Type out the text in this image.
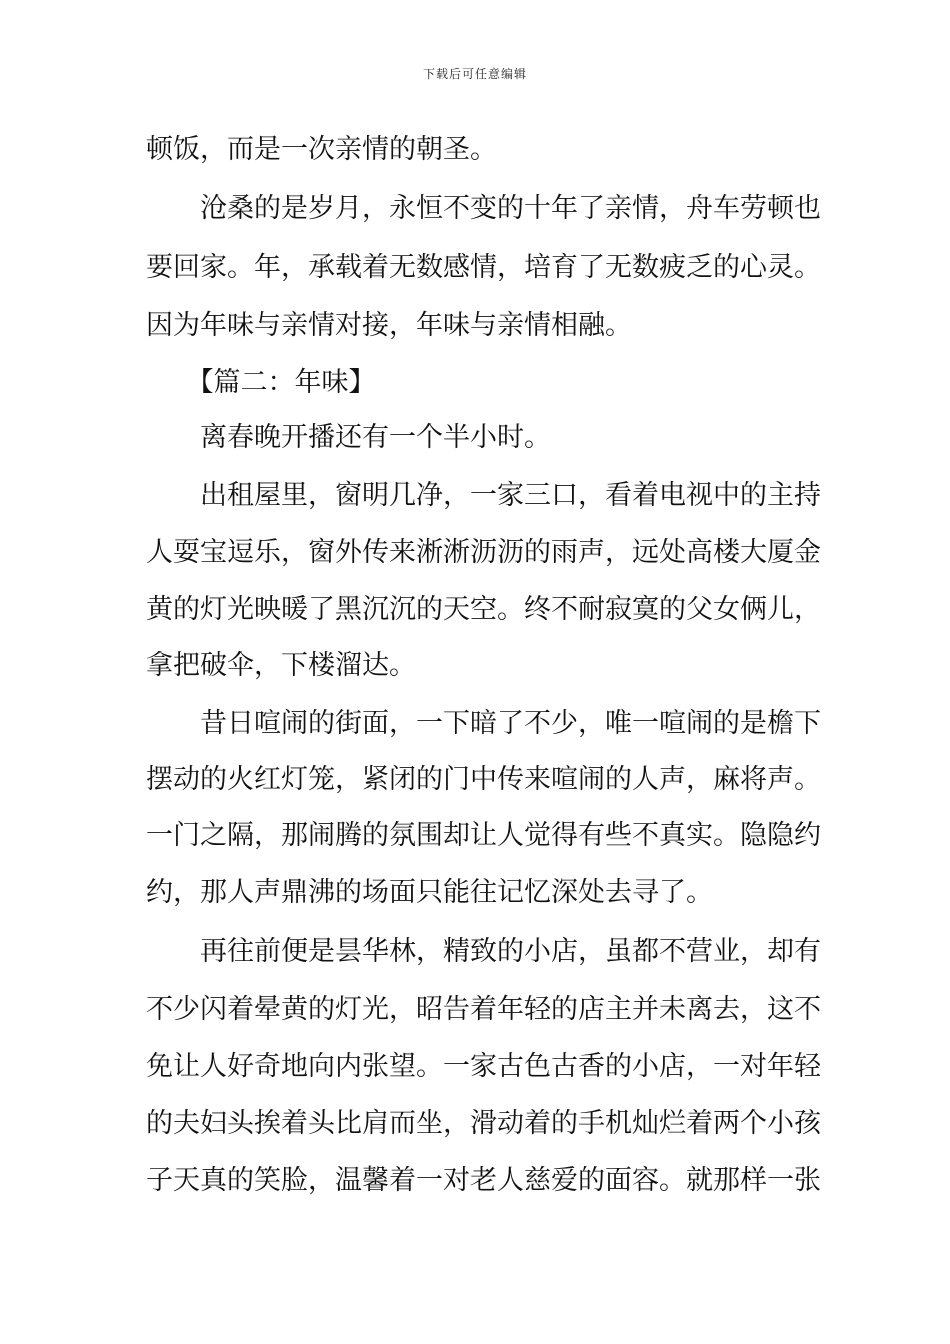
下载后可任意编辑
顿饭，而是一次亲情的朝圣。
　　沧桑的是岁月，永恒不变的十年了亲情，舟车劳顿也
要回家。年，承载着无数感情，培育了无数疲乏的心灵。
因为年味与亲情对接，年味与亲情相融。
　　【篇二：年味】
　　离春晚开播还有一个半小时。
　　出租屋里，窗明几净，一家三口，看着电视中的主持
人耍宝逗乐，窗外传来淅淅沥沥的雨声，远处高楼大厦金
黄的灯光映暖了黑沉沉的天空。终不耐寂寞的父女俩儿，
拿把破伞，下楼溜达。
　　昔日喧闹的街面，一下暗了不少，唯一喧闹的是檐下
摆动的火红灯笼，紧闭的门中传来喧闹的人声，麻将声。
一门之隔，那闹腾的氛围却让人觉得有些不真实。隐隐约
约，那人声鼎沸的场面只能往记忆深处去寻了。
　　再往前便是昙华林，精致的小店，虽都不营业，却有
不少闪着晕黄的灯光，昭告着年轻的店主并未离去，这不
免让人好奇地向内张望。一家古色古香的小店，一对年轻
的夫妇头挨着头比肩而坐，滑动着的手机灿烂着两个小孩
子天真的笑脸，温馨着一对老人慈爱的面容。就那样一张
